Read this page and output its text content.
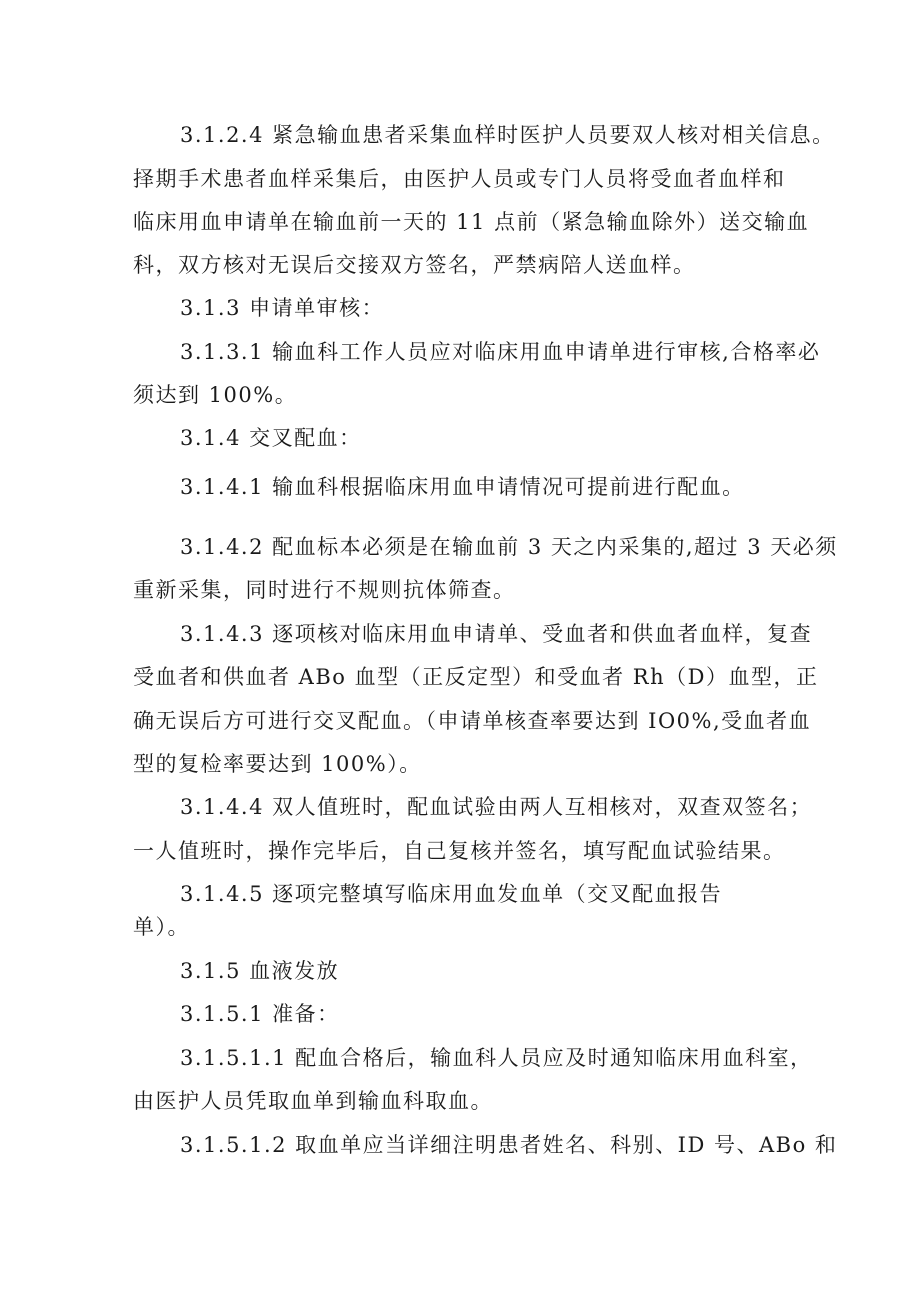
3.1.2.4 紧急输血患者采集血样时医护人员要双人核对相关信息。
择期手术患者血样采集后，由医护人员或专门人员将受血者血样和
临床用血申请单在输血前一天的 11 点前（紧急输血除外）送交输血
科，双方核对无误后交接双方签名，严禁病陪人送血样。
3.1.3 申请单审核：
3.1.3.1 输血科工作人员应对临床用血申请单进行审核,合格率必
须达到 100%。
3.1.4 交叉配血：
3.1.4.1 输血科根据临床用血申请情况可提前进行配血。
3.1.4.2 配血标本必须是在输血前 3 天之内采集的,超过 3 天必须
重新采集，同时进行不规则抗体筛查。
3.1.4.3 逐项核对临床用血申请单、受血者和供血者血样，复查
受血者和供血者 ABo 血型（正反定型）和受血者 Rh（D）血型，正
确无误后方可进行交叉配血。（申请单核查率要达到 IO0%,受血者血
型的复检率要达到 100%）。
3.1.4.4 双人值班时，配血试验由两人互相核对，双查双签名；
一人值班时，操作完毕后，自己复核并签名，填写配血试验结果。
3.1.4.5 逐项完整填写临床用血发血单（交叉配血报告
单）。
3.1.5 血液发放
3.1.5.1 准备：
3.1.5.1.1 配血合格后，输血科人员应及时通知临床用血科室，
由医护人员凭取血单到输血科取血。
3.1.5.1.2 取血单应当详细注明患者姓名、科别、ID 号、ABo 和
